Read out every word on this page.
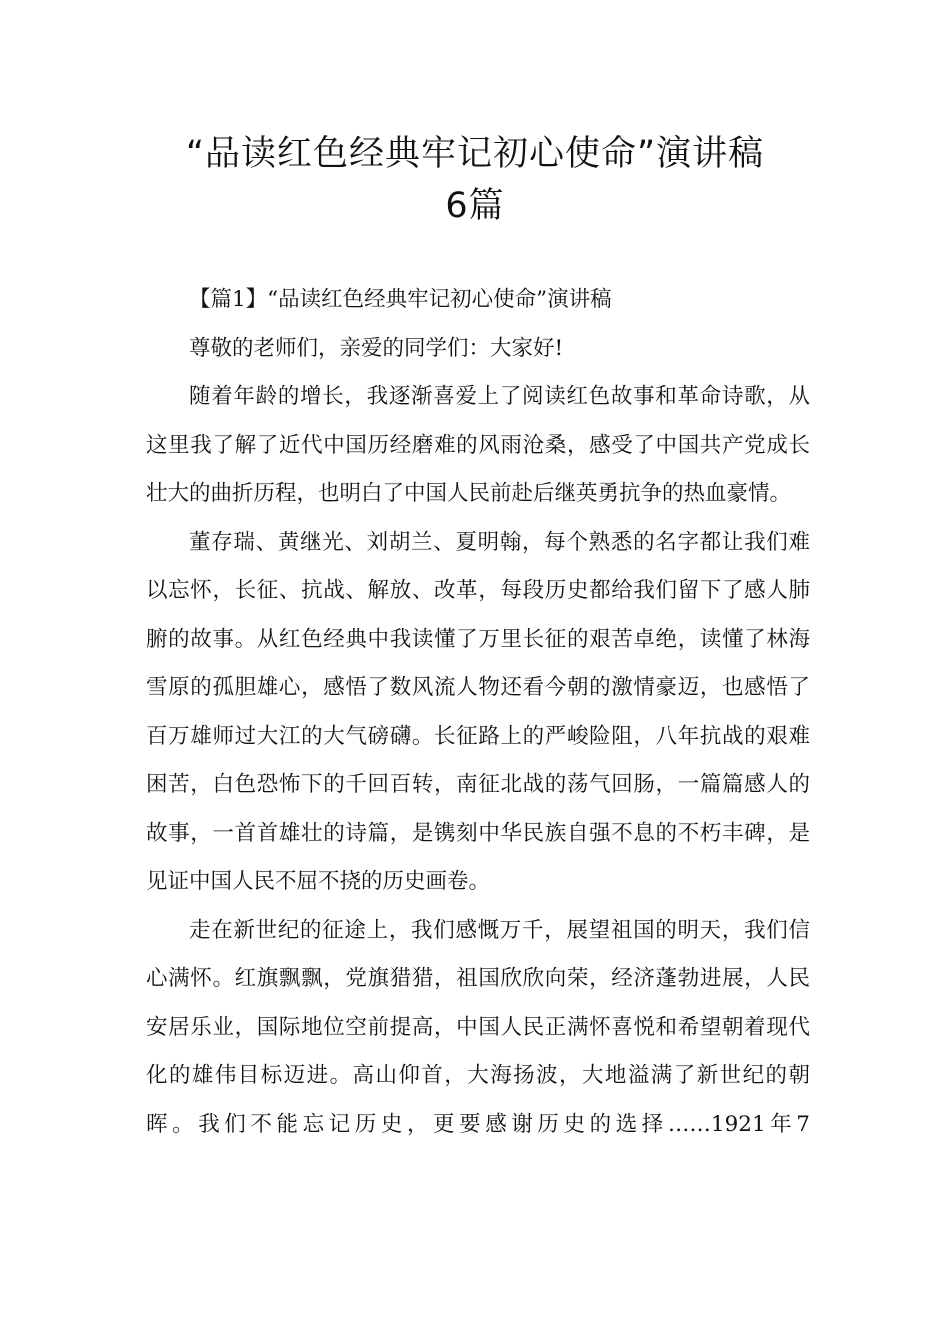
“品读红色经典牢记初心使命”演讲稿
6篇

【篇1】“品读红色经典牢记初心使命”演讲稿

尊敬的老师们，亲爱的同学们：大家好!

随着年龄的增长，我逐渐喜爱上了阅读红色故事和革命诗歌，从这里我了解了近代中国历经磨难的风雨沧桑，感受了中国共产党成长壮大的曲折历程，也明白了中国人民前赴后继英勇抗争的热血豪情。

董存瑞、黄继光、刘胡兰、夏明翰，每个熟悉的名字都让我们难以忘怀，长征、抗战、解放、改革，每段历史都给我们留下了感人肺腑的故事。从红色经典中我读懂了万里长征的艰苦卓绝，读懂了林海雪原的孤胆雄心，感悟了数风流人物还看今朝的激情豪迈，也感悟了百万雄师过大江的大气磅礴。长征路上的严峻险阻，八年抗战的艰难困苦，白色恐怖下的千回百转，南征北战的荡气回肠，一篇篇感人的故事，一首首雄壮的诗篇，是镌刻中华民族自强不息的不朽丰碑，是见证中国人民不屈不挠的历史画卷。

走在新世纪的征途上，我们感慨万千，展望祖国的明天，我们信心满怀。红旗飘飘，党旗猎猎，祖国欣欣向荣，经济蓬勃进展，人民安居乐业，国际地位空前提高，中国人民正满怀喜悦和希望朝着现代化的雄伟目标迈进。高山仰首，大海扬波，大地溢满了新世纪的朝晖。我们不能忘记历史，更要感谢历史的选择……1921年7
